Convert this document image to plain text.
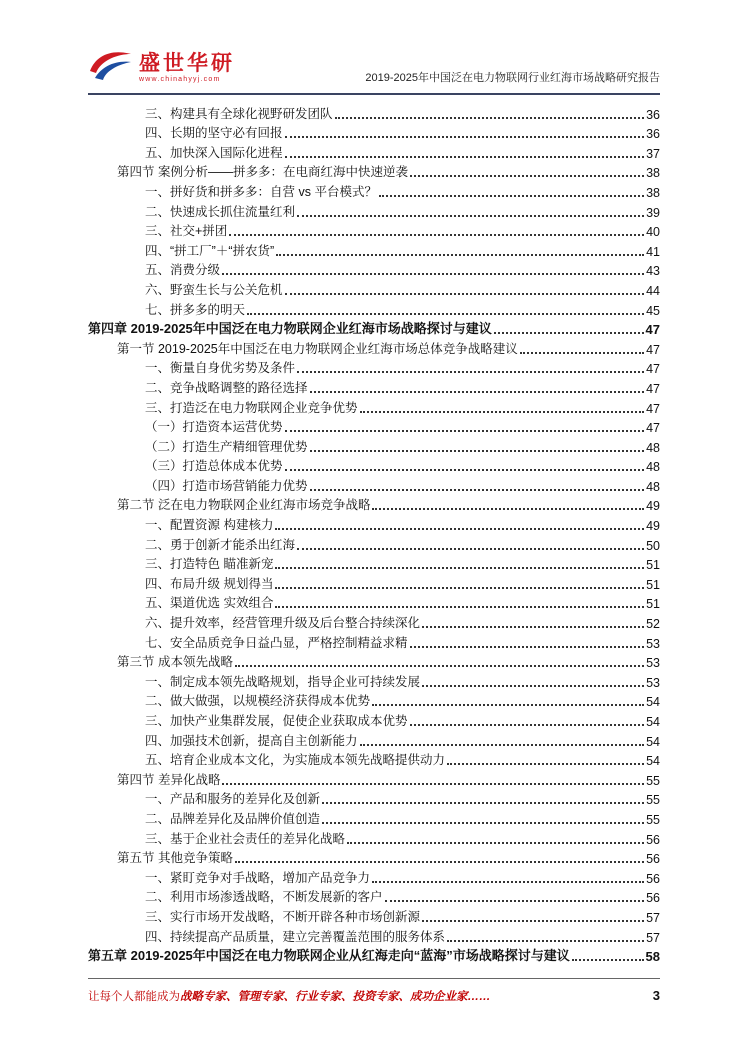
盛世华研
www.chinahyyj.com	2019-2025年中国泛在电力物联网行业红海市场战略研究报告
三、构建具有全球化视野研发团队	36
四、长期的坚守必有回报	36
五、加快深入国际化进程	37
第四节 案例分析——拼多多：在电商红海中快速逆袭	38
一、拼好货和拼多多：自营 vs 平台模式？	38
二、快速成长抓住流量红利	39
三、社交+拼团	40
四、“拼工厂”＋“拼农货”	41
五、消费分级	43
六、野蛮生长与公关危机	44
七、拼多多的明天	45
第四章 2019-2025年中国泛在电力物联网企业红海市场战略探讨与建议	47
第一节 2019-2025年中国泛在电力物联网企业红海市场总体竞争战略建议	47
一、衡量自身优劣势及条件	47
二、竞争战略调整的路径选择	47
三、打造泛在电力物联网企业竞争优势	47
（一）打造资本运营优势	47
（二）打造生产精细管理优势	48
（三）打造总体成本优势	48
（四）打造市场营销能力优势	48
第二节 泛在电力物联网企业红海市场竞争战略	49
一、配置资源 构建核力	49
二、勇于创新才能杀出红海	50
三、打造特色 瞄准新宠	51
四、布局升级 规划得当	51
五、渠道优选 实效组合	51
六、提升效率，经营管理升级及后台整合持续深化	52
七、安全品质竞争日益凸显，严格控制精益求精	53
第三节 成本领先战略	53
一、制定成本领先战略规划，指导企业可持续发展	53
二、做大做强，以规模经济获得成本优势	54
三、加快产业集群发展，促使企业获取成本优势	54
四、加强技术创新，提高自主创新能力	54
五、培育企业成本文化，为实施成本领先战略提供动力	54
第四节 差异化战略	55
一、产品和服务的差异化及创新	55
二、品牌差异化及品牌价值创造	55
三、基于企业社会责任的差异化战略	56
第五节 其他竞争策略	56
一、紧盯竞争对手战略，增加产品竞争力	56
二、利用市场渗透战略，不断发展新的客户	56
三、实行市场开发战略，不断开辟各种市场创新源	57
四、持续提高产品质量，建立完善覆盖范围的服务体系	57
第五章 2019-2025年中国泛在电力物联网企业从红海走向“蓝海”市场战略探讨与建议	58
让每个人都能成为战略专家、管理专家、行业专家、投资专家、成功企业家……	3
